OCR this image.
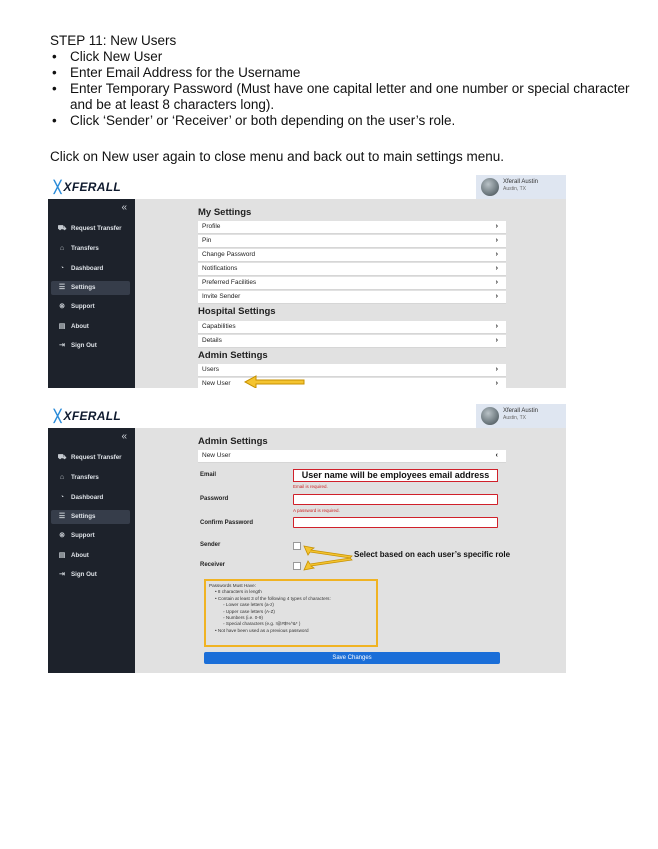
STEP 11: New Users
• Click New User
• Enter Email Address for the Username
• Enter Temporary Password (Must have one capital letter and one number or special character and be at least 8 characters long).
• Click ‘Sender’ or ‘Receiver’ or both depending on the user’s role.
Click on New user again to close menu and back out to main settings menu.
╳ XFERALL	Xferall Austin
Austin, TX
«
⛟ Request Transfer
⌂ Transfers
◔ Dashboard
☰ Settings
⊗ Support
▤ About
⇥ Sign Out
My Settings
Profile	›
Pin	›
Change Password	›
Notifications	›
Preferred Facilities	›
Invite Sender	›
Hospital Settings
Capabilities	›
Details	›
Admin Settings
Users	›
New User	›
╳ XFERALL	Xferall Austin
Austin, TX
«
⛟ Request Transfer
⌂ Transfers
◔ Dashboard
☰ Settings
⊗ Support
▤ About
⇥ Sign Out
Admin Settings
New User	‹
Email	User name will be employees email address
Email is required.
Password
A password is required.
Confirm Password
Sender
Receiver
Select based on each user’s specific role
Passwords Must Have:
• 8 characters in length
• Contain at least 3 of the following 4 types of characters:
◦ Lower case letters (a-z)
◦ Upper case letters (A-Z)
◦ Numbers (i.e. 0-9)
◦ Special characters (e.g. !@#$%^&* )
• Not have been used as a previous password
Save Changes
